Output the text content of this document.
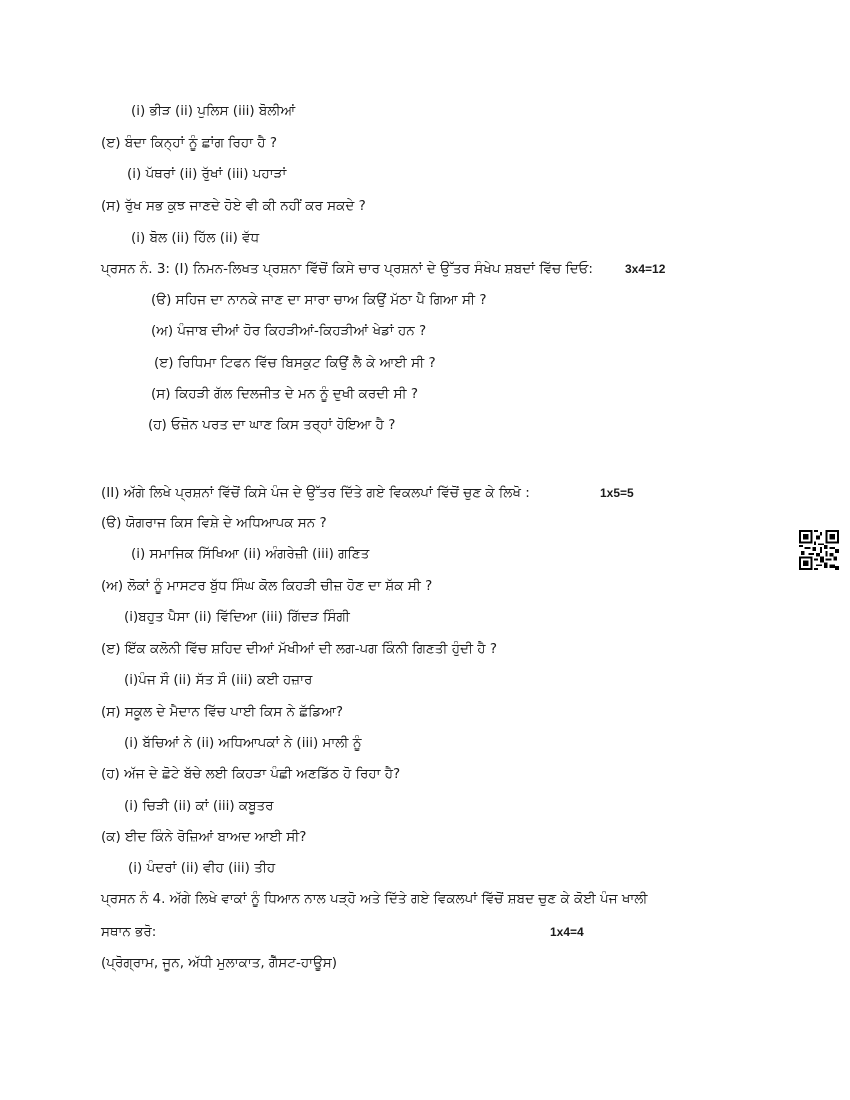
(i) ਭੀੜ (ii) ਪੁਲਿਸ (iii) ਬੋਲੀਆਂ
(ੲ) ਬੰਦਾ ਕਿਨ੍ਹਾਂ ਨੂੰ ਛਾਂਗ ਰਿਹਾ ਹੈ ?
(i) ਪੱਥਰਾਂ (ii) ਰੁੱਖਾਂ (iii) ਪਹਾੜਾਂ
(ਸ) ਰੁੱਖ ਸਭ ਕੁਝ ਜਾਣਦੇ ਹੋਏ ਵੀ ਕੀ ਨਹੀਂ ਕਰ ਸਕਦੇ ?
(i) ਬੋਲ (ii) ਹਿੱਲ (ii) ਵੱਧ
ਪ੍ਰਸਨ ਨੰ. 3: (I) ਨਿਮਨ-ਲਿਖਤ ਪ੍ਰਸ਼ਨਾ ਵਿੱਚੋਂ ਕਿਸੇ ਚਾਰ ਪ੍ਰਸ਼ਨਾਂ ਦੇ ਉੱਤਰ ਸੰਖੇਪ ਸ਼ਬਦਾਂ ਵਿੱਚ ਦਿਓ:	3x4=12
(ੳ) ਸਹਿਜ ਦਾ ਨਾਨਕੇ ਜਾਣ ਦਾ ਸਾਰਾ ਚਾਅ ਕਿਉਂ ਮੱਠਾ ਪੈ ਗਿਆ ਸੀ ?
(ਅ) ਪੰਜਾਬ ਦੀਆਂ ਹੋਰ ਕਿਹੜੀਆਂ-ਕਿਹੜੀਆਂ ਖੇਡਾਂ ਹਨ ?
(ੲ) ਰਿਧਿਮਾ ਟਿਫਨ ਵਿੱਚ ਬਿਸਕੁਟ ਕਿਉਂ ਲੈ ਕੇ ਆਈ ਸੀ ?
(ਸ) ਕਿਹੜੀ ਗੱਲ ਦਿਲਜੀਤ ਦੇ ਮਨ ਨੂੰ ਦੁਖੀ ਕਰਦੀ ਸੀ ?
(ਹ) ਓਜ਼ੋਨ ਪਰਤ ਦਾ ਘਾਣ ਕਿਸ ਤਰ੍ਹਾਂ ਹੋਇਆ ਹੈ ?
(II) ਅੱਗੇ ਲਿਖੇ ਪ੍ਰਸ਼ਨਾਂ ਵਿੱਚੋਂ ਕਿਸੇ ਪੰਜ ਦੇ ਉੱਤਰ ਦਿੱਤੇ ਗਏ ਵਿਕਲਪਾਂ ਵਿੱਚੋਂ ਚੁਣ ਕੇ ਲਿਖੋ :	1x5=5
(ੳ) ਯੋਗਰਾਜ ਕਿਸ ਵਿਸ਼ੇ ਦੇ ਅਧਿਆਪਕ ਸਨ ?
(i) ਸਮਾਜਿਕ ਸਿੱਖਿਆ (ii) ਅੰਗਰੇਜ਼ੀ (iii) ਗਣਿਤ
(ਅ) ਲੋਕਾਂ ਨੂੰ ਮਾਸਟਰ ਬੁੱਧ ਸਿੰਘ ਕੋਲ ਕਿਹੜੀ ਚੀਜ਼ ਹੋਣ ਦਾ ਸ਼ੱਕ ਸੀ ?
(i)ਬਹੁਤ ਪੈਸਾ (ii) ਵਿੱਦਿਆ (iii) ਗਿੱਦੜ ਸਿੰਗੀ
(ੲ) ਇੱਕ ਕਲੋਨੀ ਵਿੱਚ ਸ਼ਹਿਦ ਦੀਆਂ ਮੱਖੀਆਂ ਦੀ ਲਗ-ਪਗ ਕਿੰਨੀ ਗਿਣਤੀ ਹੁੰਦੀ ਹੈ ?
(i)ਪੰਜ ਸੌ (ii) ਸੱਤ ਸੌ (iii) ਕਈ ਹਜ਼ਾਰ
(ਸ) ਸਕੂਲ ਦੇ ਮੈਦਾਨ ਵਿੱਚ ਪਾਈ ਕਿਸ ਨੇ ਛੱਡਿਆ?
(i) ਬੱਚਿਆਂ ਨੇ (ii) ਅਧਿਆਪਕਾਂ ਨੇ (iii) ਮਾਲੀ ਨੂੰ
(ਹ) ਅੱਜ ਦੇ ਛੋਟੇ ਬੱਚੇ ਲਈ ਕਿਹੜਾ ਪੰਛੀ ਅਣਡਿੱਠ ਹੋ ਰਿਹਾ ਹੈ?
(i) ਚਿੜੀ (ii) ਕਾਂ (iii) ਕਬੂਤਰ
(ਕ) ਈਦ ਕਿੰਨੇ ਰੋਜ਼ਿਆਂ ਬਾਅਦ ਆਈ ਸੀ?
(i) ਪੰਦਰਾਂ (ii) ਵੀਹ (iii) ਤੀਹ
ਪ੍ਰਸਨ ਨੰ 4. ਅੱਗੇ ਲਿਖੇ ਵਾਕਾਂ ਨੂੰ ਧਿਆਨ ਨਾਲ ਪੜ੍ਹੋ ਅਤੇ ਦਿੱਤੇ ਗਏ ਵਿਕਲਪਾਂ ਵਿੱਚੋਂ ਸ਼ਬਦ ਚੁਣ ਕੇ ਕੋਈ ਪੰਜ ਖਾਲੀ
ਸਥਾਨ ਭਰੋ:	1x4=4
(ਪ੍ਰੋਗ੍ਰਾਮ, ਜੂਨ, ਅੱਧੀ ਮੁਲਾਕਾਤ, ਗੈੱਸਟ-ਹਾਊਸ)
